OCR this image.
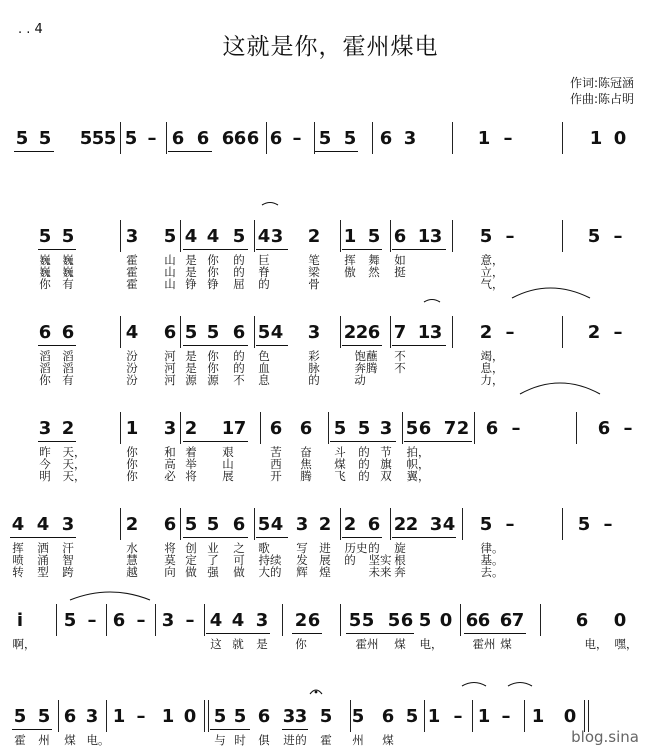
. . 4
这就是你，霍州煤电
作词:陈冠涵
作曲:陈占明
5 5 5 5 5 5 – 6 6 6 6 6 6 – 5 5 6 3	1 –	1 0
5 5	3 5 4 4 5 4 3 2 1 5 6 1 3 5 –	5 –
巍 巍	霍 山 是 你 的 巨	笔 挥 舞 如	意，
巍 巍	霍 山 是 你 的 脊	梁 傲 然 挺	立，
你 有	霍 山 铮 铮 屈 的	骨	气，
6 6	4 6 5 5 6 5 4 3 2 2 6 7 1 3 2 –	2 –
滔 滔	汾 河 是 你 的 色	彩	饱蘸 不	竭，
滔 滔	汾 河 是 你 的 血	脉	奔腾 不	息，
你 有	汾 河 源 源 不 息	的	动	力，
3 2	1 3 2 1 7 6 6 5 5 3 5 6 7 2 6 –	6 –
昨 天，	你 和 着 艰	苦 奋 斗 的 节 拍，
今 天，	你 高 举 山	西 焦 煤 的 旗 帜，
明 天，	你 必 将 展	开 腾 飞 的 双 翼，
4 4 3	2 6 5 5 6 5 4 3 2 2 6 2 2 3 4 5 –	5 –
挥 洒 汗	水 将 创 业 之 歌 写 进 历史 的 旋	律。
喷 涌 智	慧 莫 定 了 可 持续 发 展 的 坚实 根	基。
转 型 跨	越 向 做 强 做 大的 辉 煌	未来 奔	去。
i	5 – 6 – 3 – 4 4 3 2 6 5 5 5 6 5 0 6 6 6 7	6 0
啊，	这 就 是 你	霍州 煤 电，	霍州 煤	电， 嘿，
5 5 6 3 1 – 1 0 5 5 6 3 3 5 5 6 5 1 – 1 –	1 0
霍 州 煤 电。	与 时 俱 进 的 霍 州 煤	blog.sina
